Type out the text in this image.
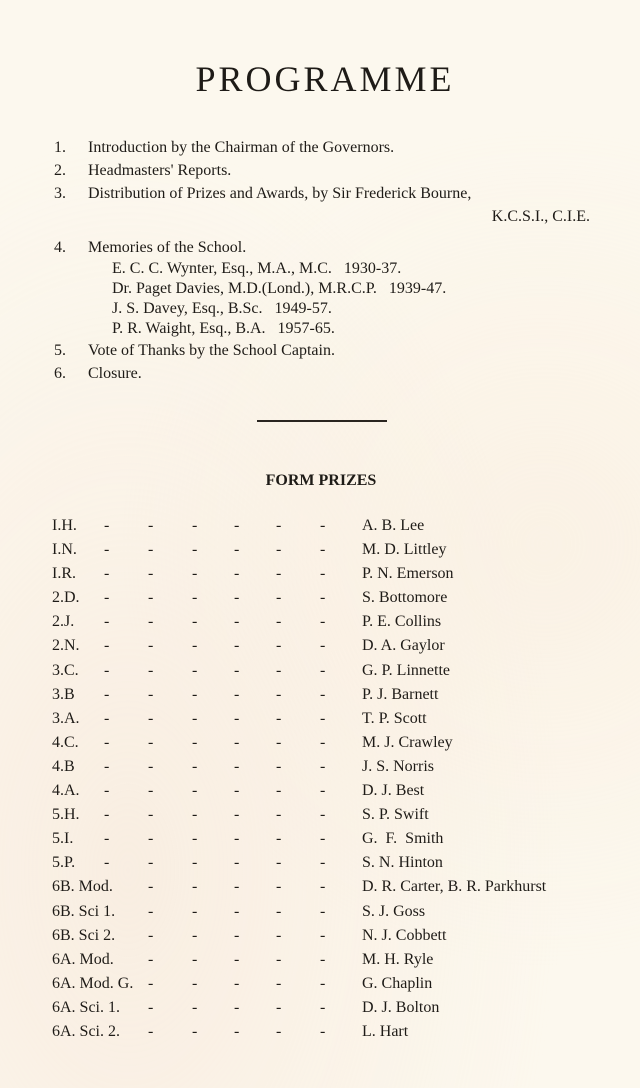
PROGRAMME
1.	Introduction by the Chairman of the Governors.
2.	Headmasters' Reports.
3.	Distribution of Prizes and Awards, by Sir Frederick Bourne,
K.C.S.I., C.I.E.
4.	Memories of the School.
E. C. C. Wynter, Esq., M.A., M.C.   1930-37.
Dr. Paget Davies, M.D.(Lond.), M.R.C.P.   1939-47.
J. S. Davey, Esq., B.Sc.   1949-57.
P. R. Waight, Esq., B.A.   1957-65.
5.	Vote of Thanks by the School Captain.
6.	Closure.
FORM PRIZES
I.H. - - - - - - A. B. Lee
I.N. - - - - - - M. D. Littley
I.R. - - - - - - P. N. Emerson
2.D. - - - - - - S. Bottomore
2.J. - - - - - - P. E. Collins
2.N. - - - - - - D. A. Gaylor
3.C. - - - - - - G. P. Linnette
3.B - - - - - - P. J. Barnett
3.A. - - - - - - T. P. Scott
4.C. - - - - - - M. J. Crawley
4.B - - - - - - J. S. Norris
4.A. - - - - - - D. J. Best
5.H. - - - - - - S. P. Swift
5.I. - - - - - - G.  F.  Smith
5.P. - - - - - - S. N. Hinton
6B. Mod. - - - - - D. R. Carter, B. R. Parkhurst
6B. Sci 1. - - - - - S. J. Goss
6B. Sci 2. - - - - - N. J. Cobbett
6A. Mod. - - - - - M. H. Ryle
6A. Mod. G. - - - - - G. Chaplin
6A. Sci. 1. - - - - - D. J. Bolton
6A. Sci. 2. - - - - - L. Hart
